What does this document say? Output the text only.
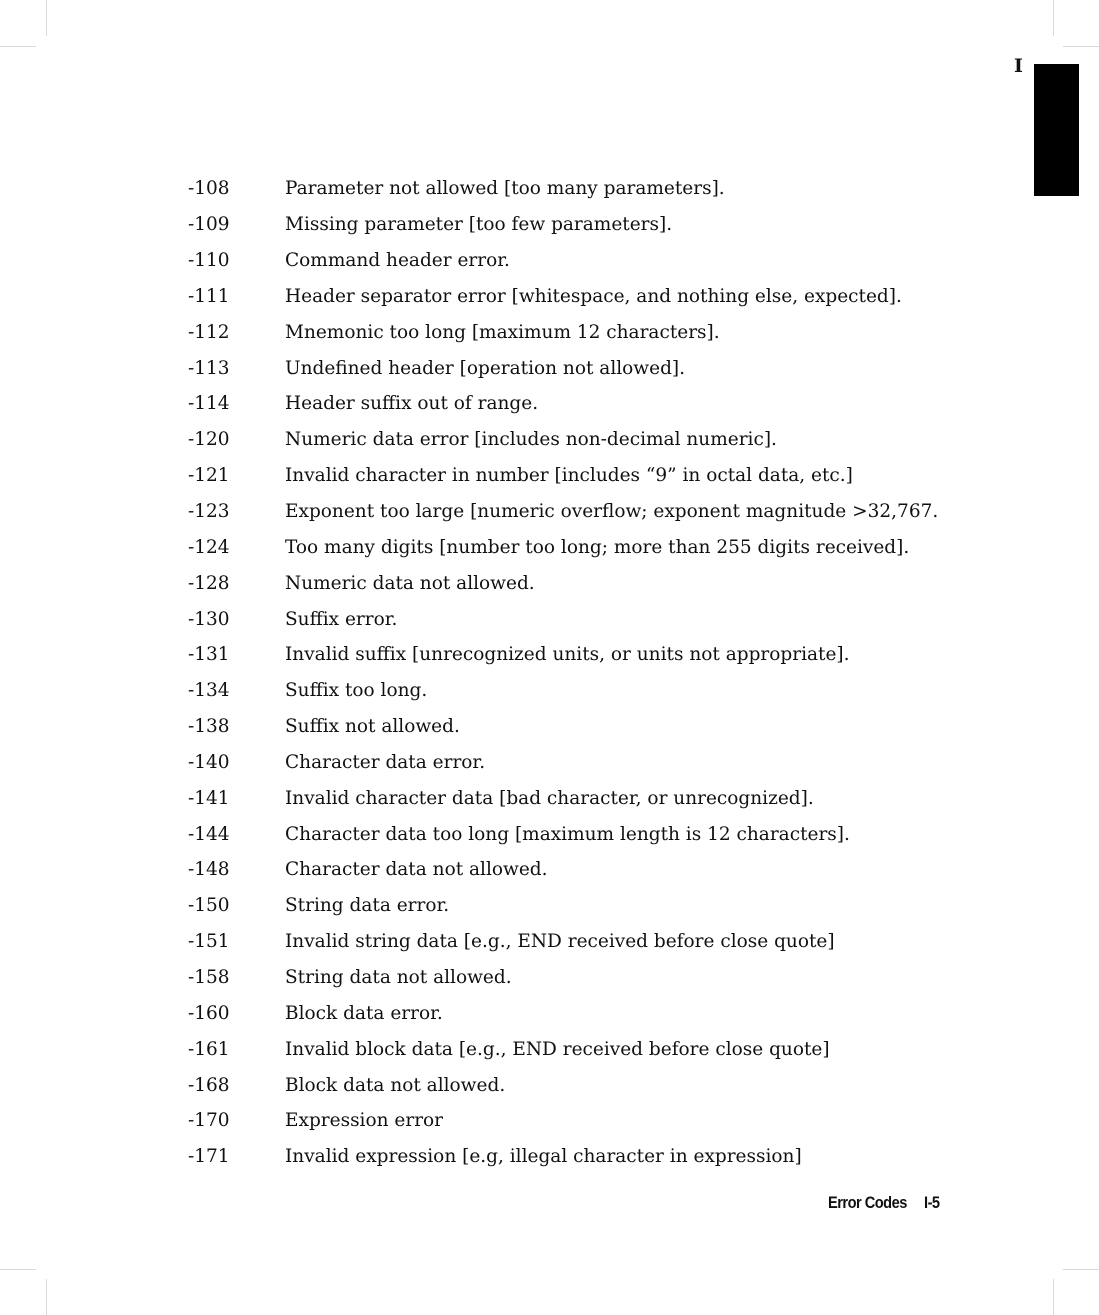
I
-108	Parameter not allowed [too many parameters].
-109	Missing parameter [too few parameters].
-110	Command header error.
-111	Header separator error [whitespace, and nothing else, expected].
-112	Mnemonic too long [maximum 12 characters].
-113	Undefined header [operation not allowed].
-114	Header suffix out of range.
-120	Numeric data error [includes non-decimal numeric].
-121	Invalid character in number [includes “9” in octal data, etc.]
-123	Exponent too large [numeric overflow; exponent magnitude >32,767.
-124	Too many digits [number too long; more than 255 digits received].
-128	Numeric data not allowed.
-130	Suffix error.
-131	Invalid suffix [unrecognized units, or units not appropriate].
-134	Suffix too long.
-138	Suffix not allowed.
-140	Character data error.
-141	Invalid character data [bad character, or unrecognized].
-144	Character data too long [maximum length is 12 characters].
-148	Character data not allowed.
-150	String data error.
-151	Invalid string data [e.g., END received before close quote]
-158	String data not allowed.
-160	Block data error.
-161	Invalid block data [e.g., END received before close quote]
-168	Block data not allowed.
-170	Expression error
-171	Invalid expression [e.g, illegal character in expression]
Error Codes I-5
